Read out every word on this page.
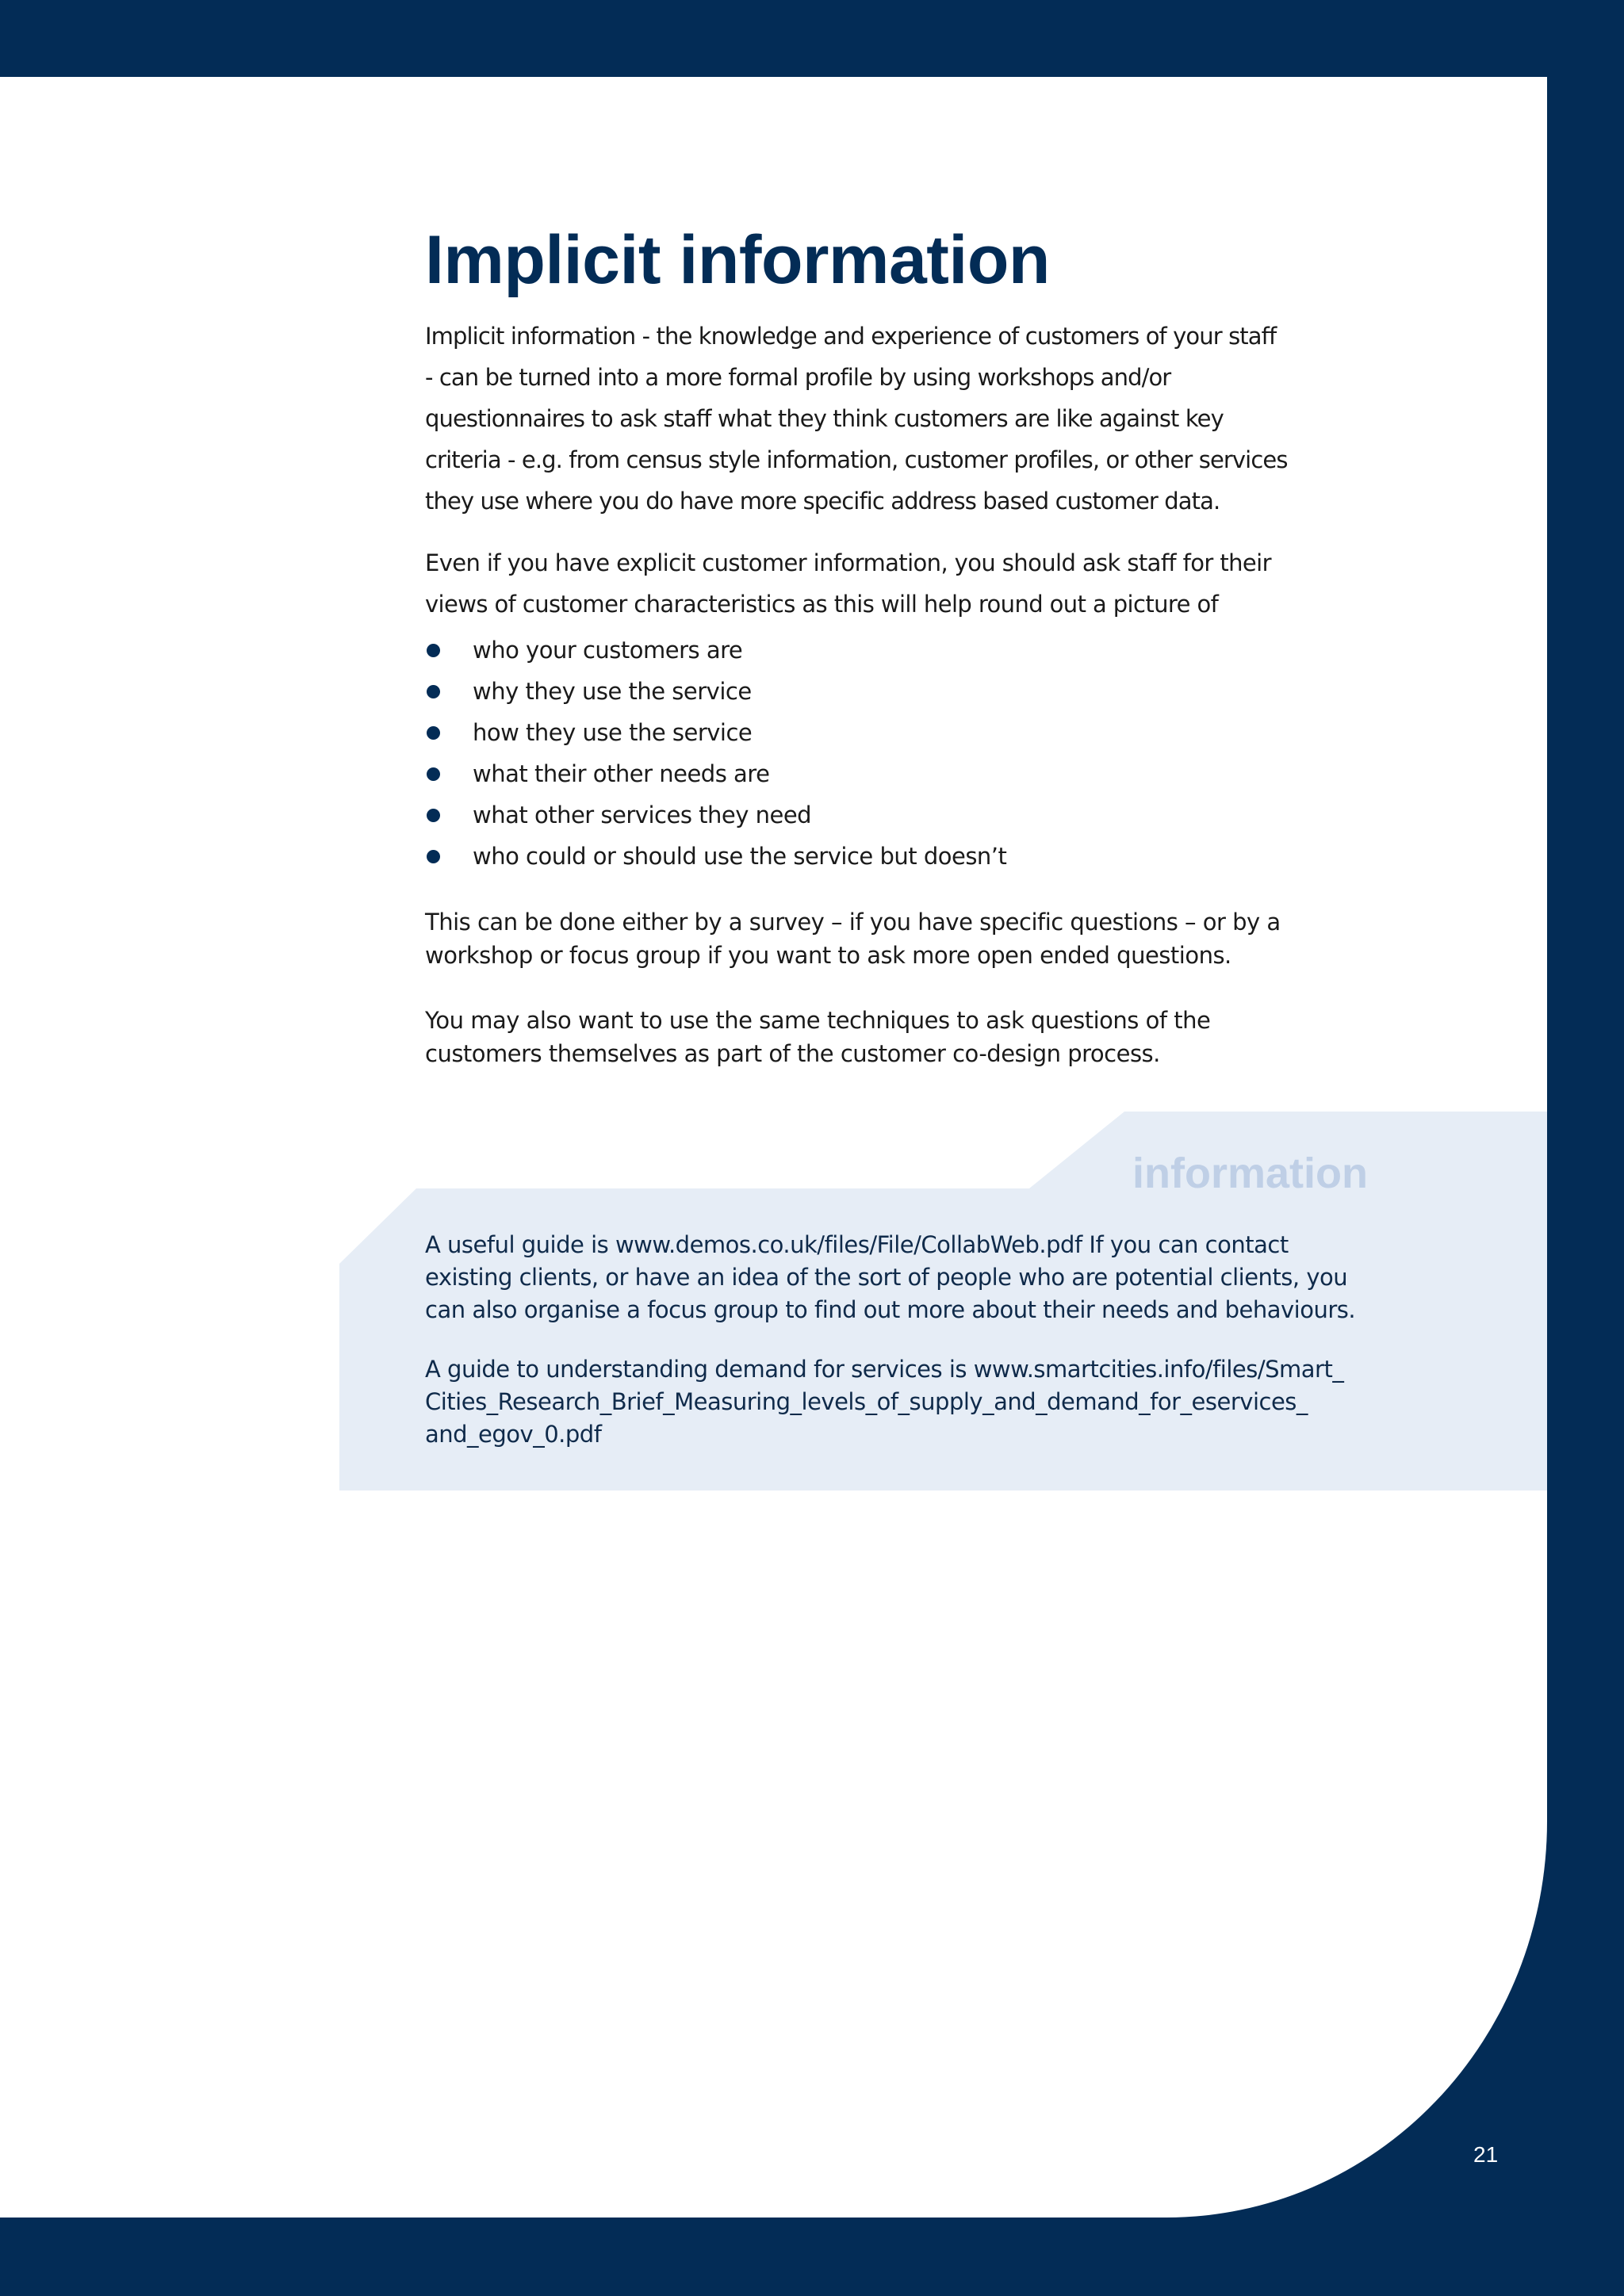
Implicit information

Implicit information - the knowledge and experience of customers of your staff - can be turned into a more formal profile by using workshops and/or questionnaires to ask staff what they think customers are like against key criteria - e.g. from census style information, customer profiles, or other services they use where you do have more specific address based customer data.

Even if you have explicit customer information, you should ask staff for their views of customer characteristics as this will help round out a picture of

who your customers are
why they use the service
how they use the service
what their other needs are
what other services they need
who could or should use the service but doesn’t

This can be done either by a survey – if you have specific questions – or by a workshop or focus group if you want to ask more open ended questions.

You may also want to use the same techniques to ask questions of the customers themselves as part of the customer co-design process.

information

A useful guide is www.demos.co.uk/files/File/CollabWeb.pdf If you can contact existing clients, or have an idea of the sort of people who are potential clients, you can also organise a focus group to find out more about their needs and behaviours.

A guide to understanding demand for services is www.smartcities.info/files/Smart_ Cities_Research_Brief_Measuring_levels_of_supply_and_demand_for_eservices_ and_egov_0.pdf

21
